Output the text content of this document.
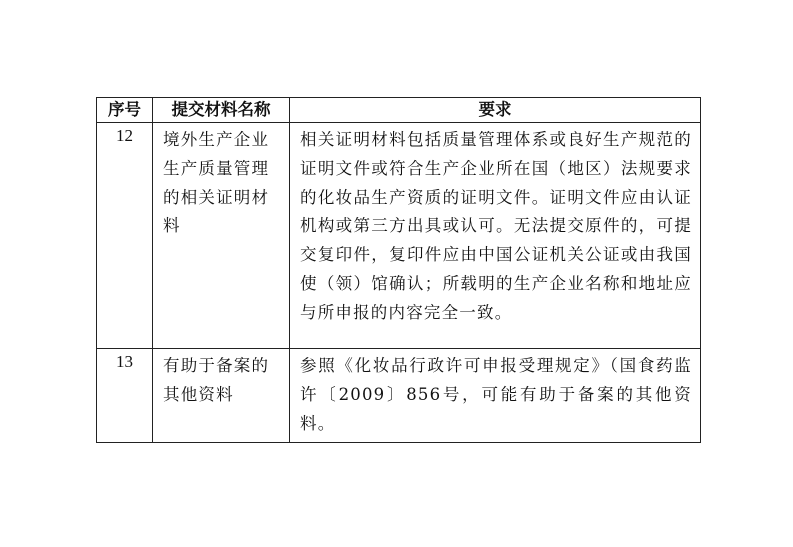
序号	提交材料名称	要求
12	境外生产企业生产质量管理的相关证明材料	相关证明材料包括质量管理体系或良好生产规范的证明文件或符合生产企业所在国（地区）法规要求的化妆品生产资质的证明文件。证明文件应由认证机构或第三方出具或认可。无法提交原件的，可提交复印件，复印件应由中国公证机关公证或由我国使（领）馆确认；所载明的生产企业名称和地址应与所申报的内容完全一致。
13	有助于备案的其他资料	参照《化妆品行政许可申报受理规定》（国食药监许〔2009〕856号，可能有助于备案的其他资料。
